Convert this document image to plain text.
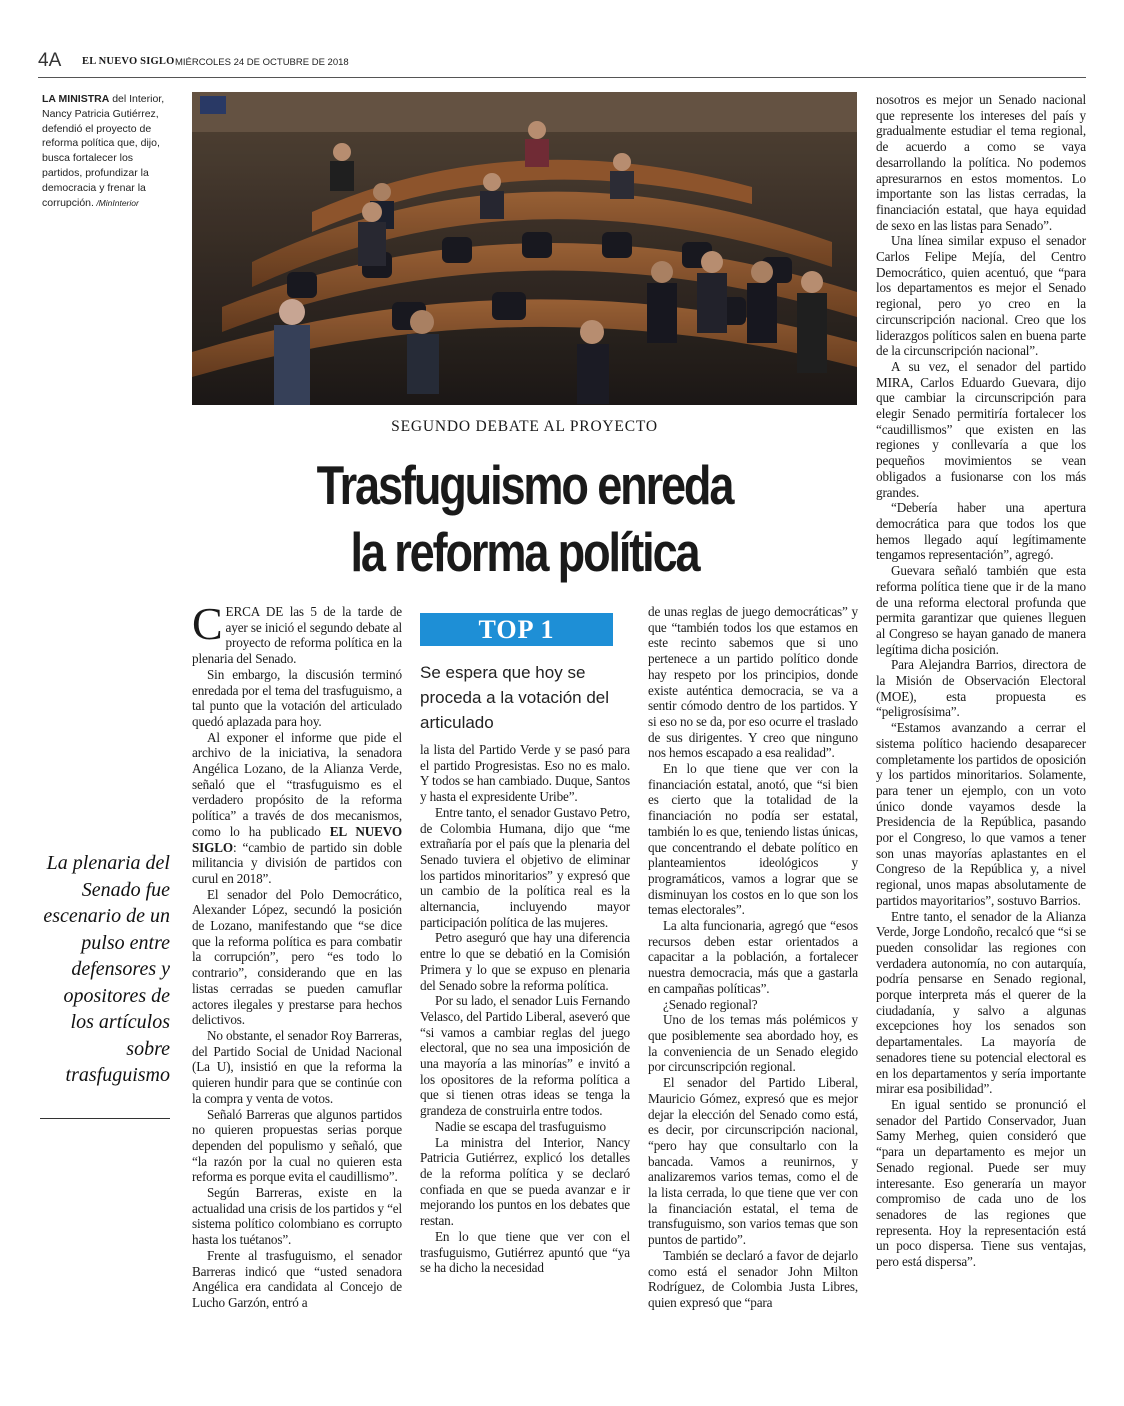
4A EL NUEVO SIGLO MIÉRCOLES 24 DE OCTUBRE DE 2018
LA MINISTRA del Interior, Nancy Patricia Gutiérrez, defendió el proyecto de reforma política que, dijo, busca fortalecer los partidos, profundizar la democracia y frenar la corrupción. /MinInterior
SEGUNDO DEBATE AL PROYECTO
Trasfuguismo enreda
la reforma política
TOP 1
Se espera que hoy se proceda a la votación del articulado
La plenaria del Senado fue escenario de un pulso entre defensores y opositores de los artículos sobre trasfuguismo

CERCA DE las 5 de la tarde de ayer se inició el segundo debate al proyecto de reforma política en la plenaria del Senado.

Sin embargo, la discusión terminó enredada por el tema del trasfuguismo, a tal punto que la votación del articulado quedó aplazada para hoy.

Al exponer el informe que pide el archivo de la iniciativa, la senadora Angélica Lozano, de la Alianza Verde, señaló que el “trasfuguismo es el verdadero propósito de la reforma política” a través de dos mecanismos, como lo ha publicado EL NUEVO SIGLO: “cambio de partido sin doble militancia y división de partidos con curul en 2018”.

El senador del Polo Democrático, Alexander López, secundó la posición de Lozano, manifestando que “se dice que la reforma política es para combatir la corrupción”, pero “es todo lo contrario”, considerando que en las listas cerradas se pueden camuflar actores ilegales y prestarse para hechos delictivos.

No obstante, el senador Roy Barreras, del Partido Social de Unidad Nacional (La U), insistió en que la reforma la quieren hundir para que se continúe con la compra y venta de votos.

Señaló Barreras que algunos partidos no quieren propuestas serias porque dependen del populismo y señaló, que “la razón por la cual no quieren esta reforma es porque evita el caudillismo”.

Según Barreras, existe en la actualidad una crisis de los partidos y “el sistema político colombiano es corrupto hasta los tuétanos”.

Frente al trasfuguismo, el senador Barreras indicó que “usted senadora Angélica era candidata al Concejo de Lucho Garzón, entró a

la lista del Partido Verde y se pasó para el partido Progresistas. Eso no es malo. Y todos se han cambiado. Duque, Santos y hasta el expresidente Uribe”.

Entre tanto, el senador Gustavo Petro, de Colombia Humana, dijo que “me extrañaría por el país que la plenaria del Senado tuviera el objetivo de eliminar los partidos minoritarios” y expresó que un cambio de la política real es la alternancia, incluyendo mayor participación política de las mujeres.

Petro aseguró que hay una diferencia entre lo que se debatió en la Comisión Primera y lo que se expuso en plenaria del Senado sobre la reforma política.

Por su lado, el senador Luis Fernando Velasco, del Partido Liberal, aseveró que “si vamos a cambiar reglas del juego electoral, que no sea una imposición de una mayoría a las minorías” e invitó a los opositores de la reforma política a que si tienen otras ideas se tenga la grandeza de construirla entre todos.

Nadie se escapa del trasfuguismo

La ministra del Interior, Nancy Patricia Gutiérrez, explicó los detalles de la reforma política y se declaró confiada en que se pueda avanzar e ir mejorando los puntos en los debates que restan.

En lo que tiene que ver con el trasfuguismo, Gutiérrez apuntó que “ya se ha dicho la necesidad

de unas reglas de juego democráticas” y que “también todos los que estamos en este recinto sabemos que si uno pertenece a un partido político donde hay respeto por los principios, donde existe auténtica democracia, se va a sentir cómodo dentro de los partidos. Y si eso no se da, por eso ocurre el traslado de sus dirigentes. Y creo que ninguno nos hemos escapado a esa realidad”.

En lo que tiene que ver con la financiación estatal, anotó, que “si bien es cierto que la totalidad de la financiación no podía ser estatal, también lo es que, teniendo listas únicas, que concentrando el debate político en planteamientos ideológicos y programáticos, vamos a lograr que se disminuyan los costos en lo que son los temas electorales”.

La alta funcionaria, agregó que “esos recursos deben estar orientados a capacitar a la población, a fortalecer nuestra democracia, más que a gastarla en campañas políticas”.

¿Senado regional?

Uno de los temas más polémicos y que posiblemente sea abordado hoy, es la conveniencia de un Senado elegido por circunscripción regional.

El senador del Partido Liberal, Mauricio Gómez, expresó que es mejor dejar la elección del Senado como está, es decir, por circunscripción nacional, “pero hay que consultarlo con la bancada. Vamos a reunirnos, y analizaremos varios temas, como el de la lista cerrada, lo que tiene que ver con la financiación estatal, el tema de transfuguismo, son varios temas que son puntos de partido”.

También se declaró a favor de dejarlo como está el senador John Milton Rodríguez, de Colombia Justa Libres, quien expresó que “para

nosotros es mejor un Senado nacional que represente los intereses del país y gradualmente estudiar el tema regional, de acuerdo a como se vaya desarrollando la política. No podemos apresurarnos en estos momentos. Lo importante son las listas cerradas, la financiación estatal, que haya equidad de sexo en las listas para Senado”.

Una línea similar expuso el senador Carlos Felipe Mejía, del Centro Democrático, quien acentuó, que “para los departamentos es mejor el Senado regional, pero yo creo en la circunscripción nacional. Creo que los liderazgos políticos salen en buena parte de la circunscripción nacional”.

A su vez, el senador del partido MIRA, Carlos Eduardo Guevara, dijo que cambiar la circunscripción para elegir Senado permitiría fortalecer los “caudillismos” que existen en las regiones y conllevaría a que los pequeños movimientos se vean obligados a fusionarse con los más grandes.

“Debería haber una apertura democrática para que todos los que hemos llegado aquí legítimamente tengamos representación”, agregó.

Guevara señaló también que esta reforma política tiene que ir de la mano de una reforma electoral profunda que permita garantizar que quienes lleguen al Congreso se hayan ganado de manera legítima dicha posición.

Para Alejandra Barrios, directora de la Misión de Observación Electoral (MOE), esta propuesta es “peligrosísima”.

“Estamos avanzando a cerrar el sistema político haciendo desaparecer completamente los partidos de oposición y los partidos minoritarios. Solamente, para tener un ejemplo, con un voto único donde vayamos desde la Presidencia de la República, pasando por el Congreso, lo que vamos a tener son unas mayorías aplastantes en el Congreso de la República y, a nivel regional, unos mapas absolutamente de partidos mayoritarios”, sostuvo Barrios.

Entre tanto, el senador de la Alianza Verde, Jorge Londoño, recalcó que “si se pueden consolidar las regiones con verdadera autonomía, no con autarquía, podría pensarse en Senado regional, porque interpreta más el querer de la ciudadanía, y salvo a algunas excepciones hoy los senados son departamentales. La mayoría de senadores tiene su potencial electoral es en los departamentos y sería importante mirar esa posibilidad”.

En igual sentido se pronunció el senador del Partido Conservador, Juan Samy Merheg, quien consideró que “para un departamento es mejor un Senado regional. Puede ser muy interesante. Eso generaría un mayor compromiso de cada uno de los senadores de las regiones que representa. Hoy la representación está un poco dispersa. Tiene sus ventajas, pero está dispersa”.
